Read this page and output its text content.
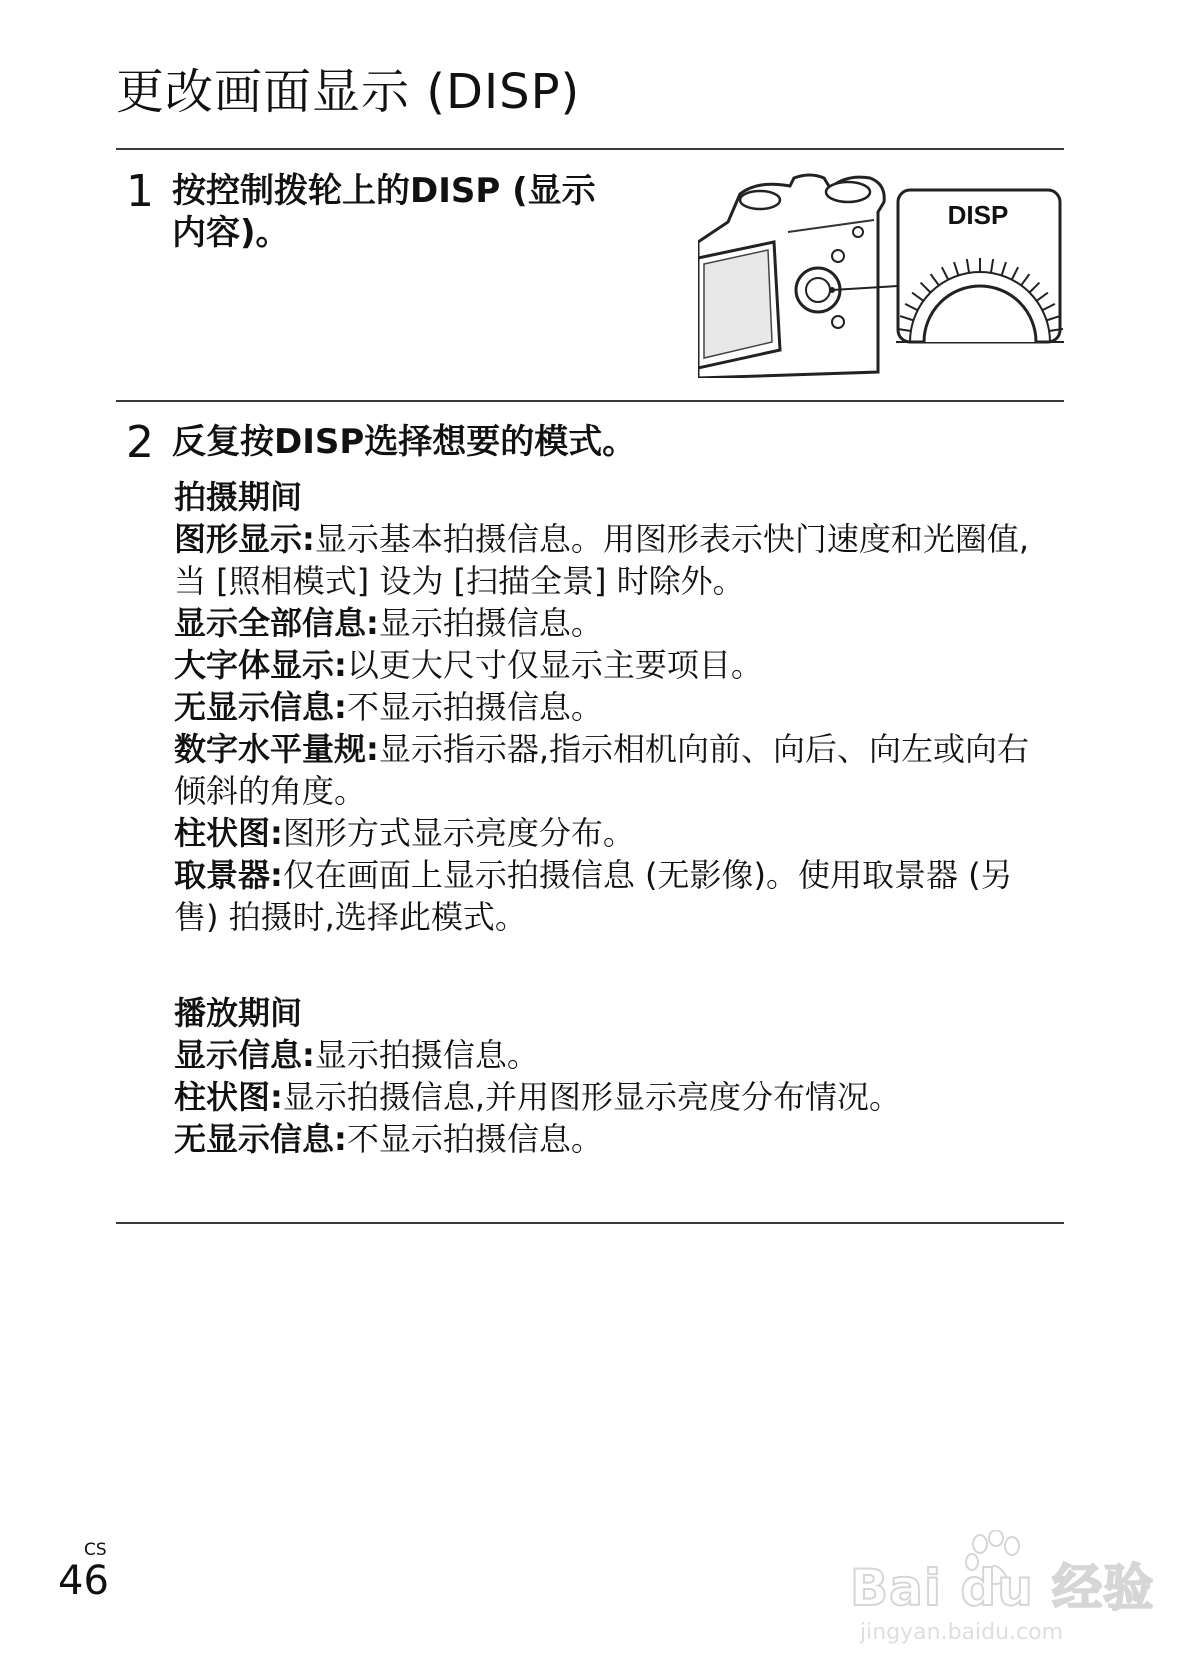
更改画面显示 (DISP)
1 按控制拨轮上的DISP (显示内容)。	DISP
2 反复按DISP选择想要的模式。

拍摄期间

图形显示:显示基本拍摄信息。用图形表示快门速度和光圈值,当 [照相模式] 设为 [扫描全景] 时除外。

显示全部信息:显示拍摄信息。

大字体显示:以更大尺寸仅显示主要项目。

无显示信息:不显示拍摄信息。

数字水平量规:显示指示器,指示相机向前、向后、向左或向右倾斜的角度。

柱状图:图形方式显示亮度分布。

取景器:仅在画面上显示拍摄信息 (无影像)。使用取景器 (另售) 拍摄时,选择此模式。

播放期间

显示信息:显示拍摄信息。

柱状图:显示拍摄信息,并用图形显示亮度分布情况。

无显示信息:不显示拍摄信息。

CS
46	Bai du 经验
jingyan.baidu.com
